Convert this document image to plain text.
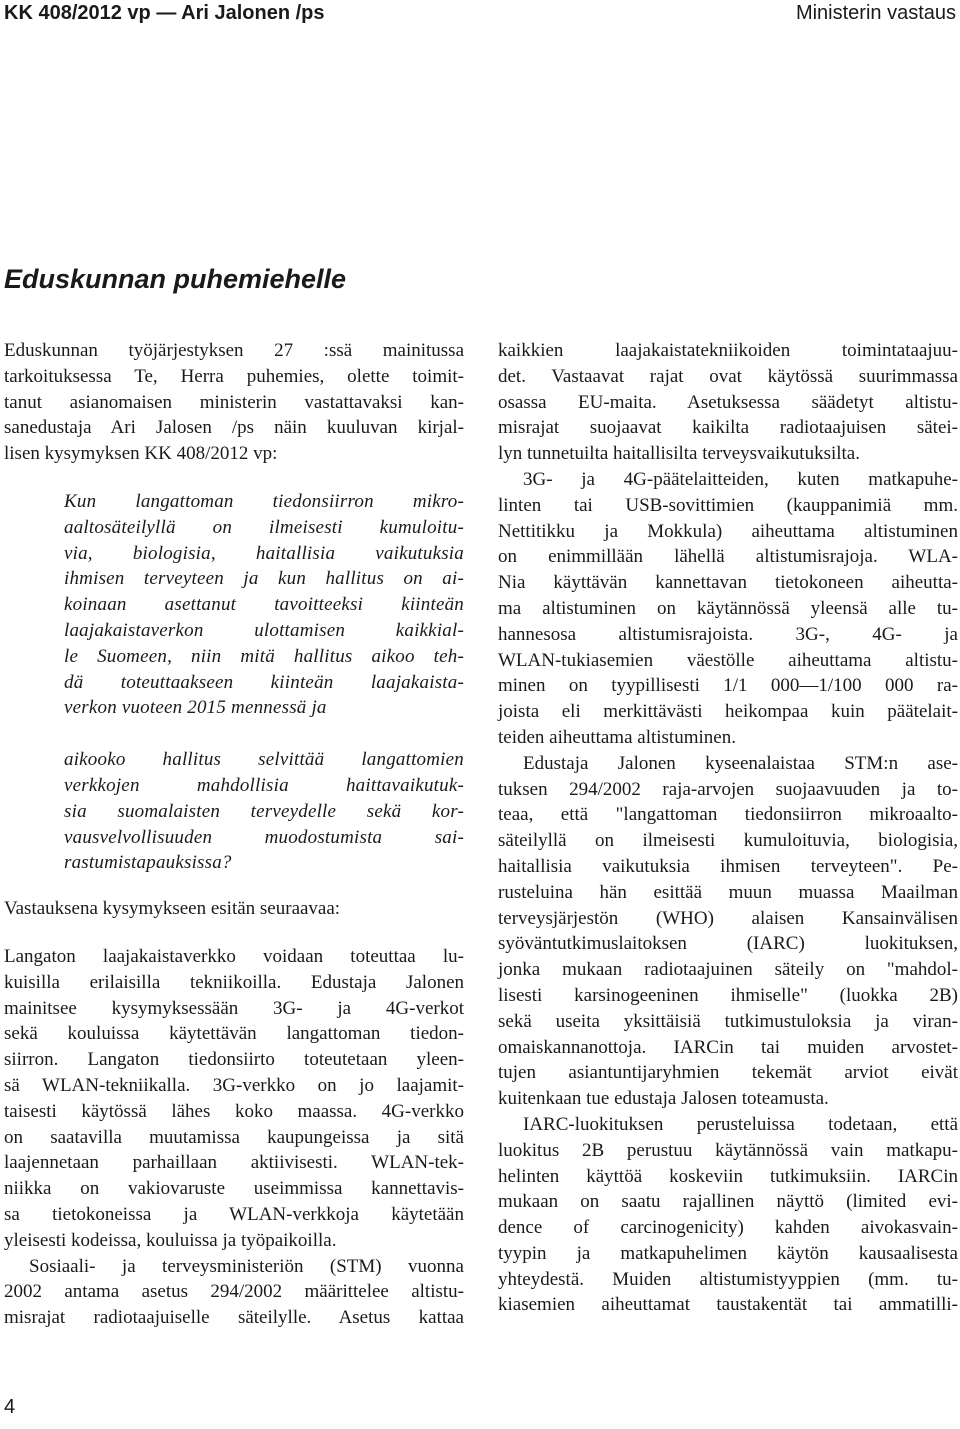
KK 408/2012 vp — Ari Jalonen /ps	Ministerin vastaus
Eduskunnan puhemiehelle
Eduskunnan työjärjestyksen 27 :ssä mainitussa
tarkoituksessa Te, Herra puhemies, olette toimit-
tanut asianomaisen ministerin vastattavaksi kan-
sanedustaja Ari Jalosen /ps näin kuuluvan kirjal-
lisen kysymyksen KK 408/2012 vp:
Kun langattoman tiedonsiirron mikro-
aaltosäteilyllä on ilmeisesti kumuloitu-
via, biologisia, haitallisia vaikutuksia
ihmisen terveyteen ja kun hallitus on ai-
koinaan asettanut tavoitteeksi kiinteän
laajakaistaverkon ulottamisen kaikkial-
le Suomeen, niin mitä hallitus aikoo teh-
dä toteuttaakseen kiinteän laajakaista-
verkon vuoteen 2015 mennessä ja
aikooko hallitus selvittää langattomien
verkkojen mahdollisia haittavaikutuk-
sia suomalaisten terveydelle sekä kor-
vausvelvollisuuden muodostumista sai-
rastumistapauksissa?
Vastauksena kysymykseen esitän seuraavaa:
Langaton laajakaistaverkko voidaan toteuttaa lu-
kuisilla erilaisilla tekniikoilla. Edustaja Jalonen
mainitsee kysymyksessään 3G- ja 4G-verkot
sekä kouluissa käytettävän langattoman tiedon-
siirron. Langaton tiedonsiirto toteutetaan yleen-
sä WLAN-tekniikalla. 3G-verkko on jo laajamit-
taisesti käytössä lähes koko maassa. 4G-verkko
on saatavilla muutamissa kaupungeissa ja sitä
laajennetaan parhaillaan aktiivisesti. WLAN-tek-
niikka on vakiovaruste useimmissa kannettavis-
sa tietokoneissa ja WLAN-verkkoja käytetään
yleisesti kodeissa, kouluissa ja työpaikoilla.
Sosiaali- ja terveysministeriön (STM) vuonna
2002 antama asetus 294/2002 määrittelee altistu-
misrajat radiotaajuiselle säteilylle. Asetus kattaa
kaikkien laajakaistatekniikoiden toimintataajuu-
det. Vastaavat rajat ovat käytössä suurimmassa
osassa EU-maita. Asetuksessa säädetyt altistu-
misrajat suojaavat kaikilta radiotaajuisen sätei-
lyn tunnetuilta haitallisilta terveysvaikutuksilta.
3G- ja 4G-päätelaitteiden, kuten matkapuhe-
linten tai USB-sovittimien (kauppanimiä mm.
Nettitikku ja Mokkula) aiheuttama altistuminen
on enimmillään lähellä altistumisrajoja. WLA-
Nia käyttävän kannettavan tietokoneen aiheutta-
ma altistuminen on käytännössä yleensä alle tu-
hannesosa altistumisrajoista. 3G-, 4G- ja
WLAN-tukiasemien väestölle aiheuttama altistu-
minen on tyypillisesti 1/1 000—1/100 000 ra-
joista eli merkittävästi heikompaa kuin päätelait-
teiden aiheuttama altistuminen.
Edustaja Jalonen kyseenalaistaa STM:n ase-
tuksen 294/2002 raja-arvojen suojaavuuden ja to-
teaa, että "langattoman tiedonsiirron mikroaalto-
säteilyllä on ilmeisesti kumuloituvia, biologisia,
haitallisia vaikutuksia ihmisen terveyteen". Pe-
rusteluina hän esittää muun muassa Maailman
terveysjärjestön (WHO) alaisen Kansainvälisen
syöväntutkimuslaitoksen (IARC) luokituksen,
jonka mukaan radiotaajuinen säteily on "mahdol-
lisesti karsinogeeninen ihmiselle" (luokka 2B)
sekä useita yksittäisiä tutkimustuloksia ja viran-
omaiskannanottoja. IARCin tai muiden arvostet-
tujen asiantuntijaryhmien tekemät arviot eivät
kuitenkaan tue edustaja Jalosen toteamusta.
IARC-luokituksen perusteluissa todetaan, että
luokitus 2B perustuu käytännössä vain matkapu-
helinten käyttöä koskeviin tutkimuksiin. IARCin
mukaan on saatu rajallinen näyttö (limited evi-
dence of carcinogenicity) kahden aivokasvain-
tyypin ja matkapuhelimen käytön kausaalisesta
yhteydestä. Muiden altistumistyyppien (mm. tu-
kiasemien aiheuttamat taustakentät tai ammatilli-
4
